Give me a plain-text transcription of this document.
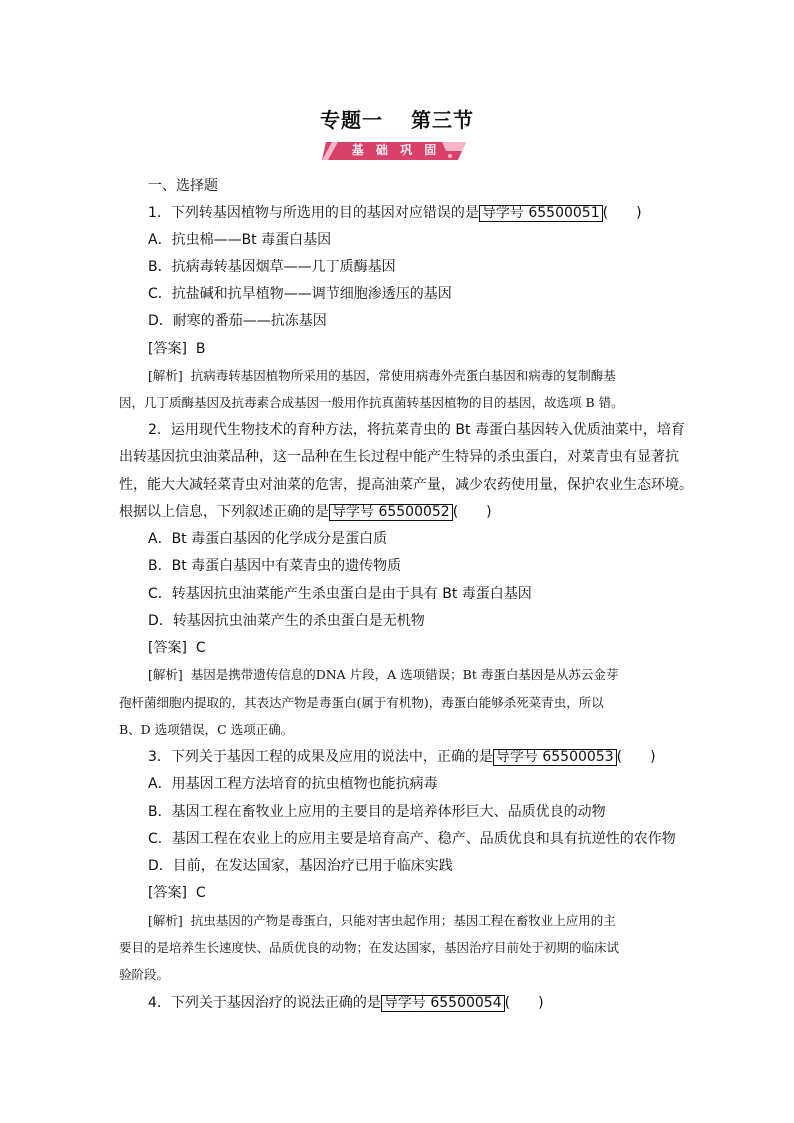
专题一 第三节
基 础 巩 固
一、选择题
1．下列转基因植物与所选用的目的基因对应错误的是 导学号 65500051 (　　)
A．抗虫棉——Bt 毒蛋白基因
B．抗病毒转基因烟草——几丁质酶基因
C．抗盐碱和抗旱植物——调节细胞渗透压的基因
D．耐寒的番茄——抗冻基因
[答案] B
[解析] 抗病毒转基因植物所采用的基因，常使用病毒外壳蛋白基因和病毒的复制酶基
因，几丁质酶基因及抗毒素合成基因一般用作抗真菌转基因植物的目的基因，故选项 B 错。
2．运用现代生物技术的育种方法，将抗菜青虫的 Bt 毒蛋白基因转入优质油菜中，培育
出转基因抗虫油菜品种，这一品种在生长过程中能产生特异的杀虫蛋白，对菜青虫有显著抗
性，能大大减轻菜青虫对油菜的危害，提高油菜产量，减少农药使用量，保护农业生态环境。
根据以上信息，下列叙述正确的是 导学号 65500052 (　　)
A．Bt 毒蛋白基因的化学成分是蛋白质
B．Bt 毒蛋白基因中有菜青虫的遗传物质
C．转基因抗虫油菜能产生杀虫蛋白是由于具有 Bt 毒蛋白基因
D．转基因抗虫油菜产生的杀虫蛋白是无机物
[答案] C
[解析] 基因是携带遗传信息的DNA 片段，A 选项错误；Bt 毒蛋白基因是从苏云金芽
孢杆菌细胞内提取的，其表达产物是毒蛋白(属于有机物)，毒蛋白能够杀死菜青虫，所以
B、D 选项错误，C 选项正确。
3．下列关于基因工程的成果及应用的说法中，正确的是 导学号 65500053 (　　)
A．用基因工程方法培育的抗虫植物也能抗病毒
B．基因工程在畜牧业上应用的主要目的是培养体形巨大、品质优良的动物
C．基因工程在农业上的应用主要是培育高产、稳产、品质优良和具有抗逆性的农作物
D．目前，在发达国家，基因治疗已用于临床实践
[答案] C
[解析] 抗虫基因的产物是毒蛋白，只能对害虫起作用；基因工程在畜牧业上应用的主
要目的是培养生长速度快、品质优良的动物；在发达国家，基因治疗目前处于初期的临床试
验阶段。
4．下列关于基因治疗的说法正确的是 导学号 65500054 (　　)
